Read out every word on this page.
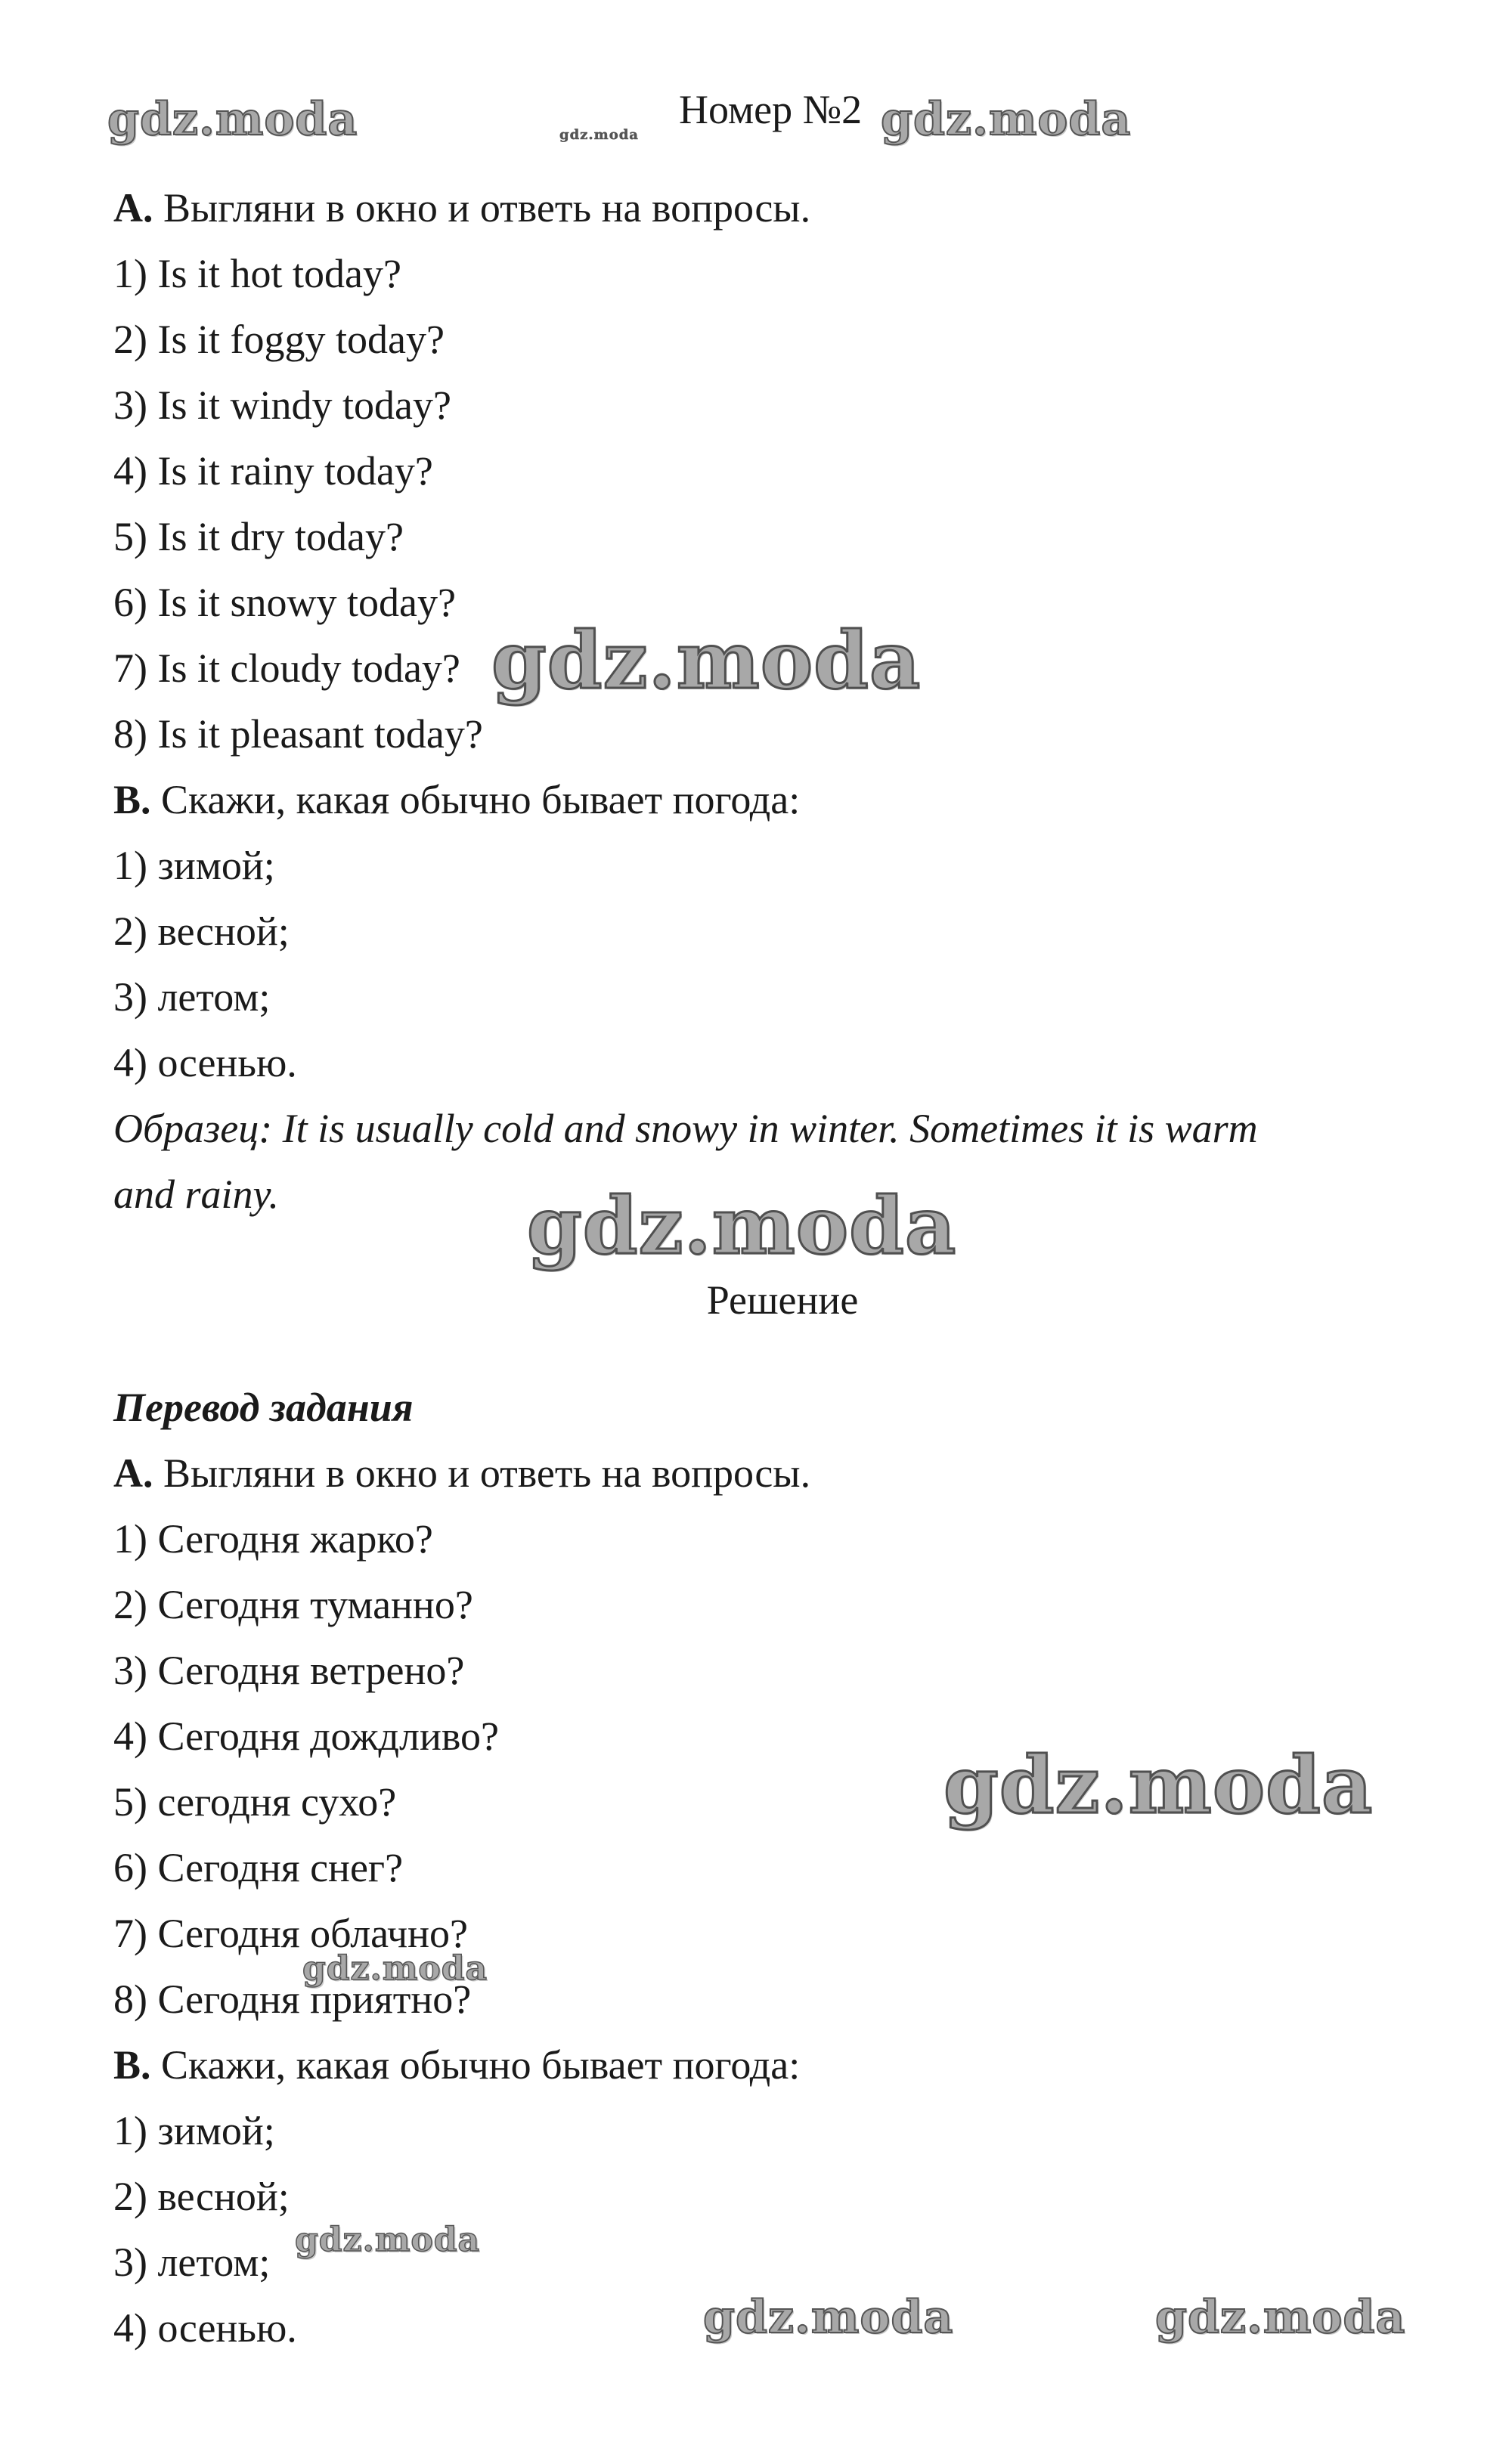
Номер №2
A. Выгляни в окно и ответь на вопросы.
1) Is it hot today?
2) Is it foggy today?
3) Is it windy today?
4) Is it rainy today?
5) Is it dry today?
6) Is it snowy today?
7) Is it cloudy today?
8) Is it pleasant today?
B. Скажи, какая обычно бывает погода:
1) зимой;
2) весной;
3) летом;
4) осенью.
Образец: It is usually cold and snowy in winter. Sometimes it is warm
and rainy.
Решение
Перевод задания
A. Выгляни в окно и ответь на вопросы.
1) Сегодня жарко?
2) Сегодня туманно?
3) Сегодня ветрено?
4) Сегодня дождливо?
5) сегодня сухо?
6) Сегодня снег?
7) Сегодня облачно?
8) Сегодня приятно?
B. Скажи, какая обычно бывает погода:
1) зимой;
2) весной;
3) летом;
4) осенью.
gdz.moda	gdz.moda	gdz.moda
gdz.moda
gdz.moda
gdz.moda
gdz.moda
gdz.moda
gdz.moda	gdz.moda
